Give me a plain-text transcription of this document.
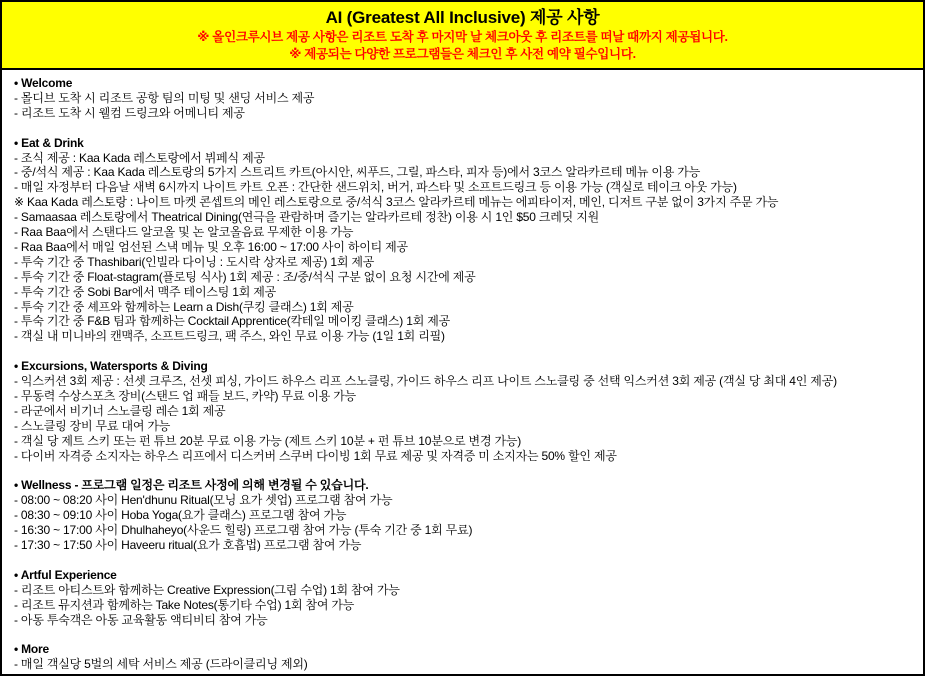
AI (Greatest All Inclusive) 제공 사항
※ 올인크루시브 제공 사항은 리조트 도착 후 마지막 날 체크아웃 후 리조트를 떠날 때까지 제공됩니다.
※ 제공되는 다양한 프로그램들은 체크인 후 사전 예약 필수입니다.
• Welcome
- 몰디브 도착 시 리조트 공항 팀의 미팅 및 샌딩 서비스 제공
- 리조트 도착 시 웰컴 드링크와 어메니티 제공
• Eat & Drink
- 조식 제공 : Kaa Kada 레스토랑에서 뷔페식 제공
- 중/석식 제공 : Kaa Kada 레스토랑의 5가지 스트리트 카트(아시안, 씨푸드, 그릴, 파스타, 피자 등)에서 3코스 알라카르테 메뉴 이용 가능
- 매일 자정부터 다음날 새벽 6시까지 나이트 카트 오픈 : 간단한 샌드위치, 버거, 파스타 및 소프트드링크 등 이용 가능 (객실로 테이크 아웃 가능)
※ Kaa Kada 레스토랑 : 나이트 마켓 콘셉트의 메인 레스토랑으로 중/석식 3코스 알라카르테 메뉴는 에피타이저, 메인, 디저트 구분 없이 3가지 주문 가능
- Samaasaa 레스토랑에서 Theatrical Dining(연극을 관람하며 즐기는 알라카르테 정찬) 이용 시 1인 $50 크레딧 지원
- Raa Baa에서 스탠다드 알코올 및 논 알코올음료 무제한 이용 가능
- Raa Baa에서 매일 엄선된 스낵 메뉴 및 오후 16:00 ~ 17:00 사이 하이티 제공
- 투숙 기간 중 Thashibari(인빌라 다이닝 : 도시락 상자로 제공) 1회 제공
- 투숙 기간 중 Float-stagram(플로팅 식사) 1회 제공 : 조/중/석식 구분 없이 요청 시간에 제공
- 투숙 기간 중 Sobi Bar에서 맥주 테이스팅 1회 제공
- 투숙 기간 중 셰프와 함께하는 Learn a Dish(쿠킹 클래스) 1회 제공
- 투숙 기간 중 F&B 팀과 함께하는 Cocktail Apprentice(칵테일 메이킹 클래스) 1회 제공
- 객실 내 미니바의 캔맥주, 소프트드링크, 팩 주스, 와인 무료 이용 가능 (1일 1회 리필)
• Excursions, Watersports & Diving
- 익스커션 3회 제공 : 선셋 크루즈, 선셋 피싱, 가이드 하우스 리프 스노클링, 가이드 하우스 리프 나이트 스노클링 중 선택 익스커션 3회 제공 (객실 당 최대 4인 제공)
- 무동력 수상스포츠 장비(스탠드 업 패들 보드, 카약) 무료 이용 가능
- 라군에서 비기너 스노클링 레슨 1회 제공
- 스노클링 장비 무료 대여 가능
- 객실 당 제트 스키 또는 펀 튜브 20분 무료 이용 가능 (제트 스키 10분 + 펀 튜브 10분으로 변경 가능)
- 다이버 자격증 소지자는 하우스 리프에서 디스커버 스쿠버 다이빙 1회 무료 제공 및 자격증 미 소지자는 50% 할인 제공
• Wellness - 프로그램 일정은 리조트 사정에 의해 변경될 수 있습니다.
- 08:00 ~ 08:20 사이 Hen'dhunu Ritual(모닝 요가 셋업) 프로그램 참여 가능
- 08:30 ~ 09:10 사이 Hoba Yoga(요가 클래스) 프로그램 참여 가능
- 16:30 ~ 17:00 사이 Dhulhaheyo(사운드 힐링) 프로그램 참여 가능 (투숙 기간 중 1회 무료)
- 17:30 ~ 17:50 사이 Haveeru ritual(요가 호흡법) 프로그램 참여 가능
• Artful Experience
- 리조트 아티스트와 함께하는 Creative Expression(그림 수업) 1회 참여 가능
- 리조트 뮤지션과 함께하는 Take Notes(통기타 수업) 1회 참여 가능
- 아동 투숙객은 아동 교육활동 액티비티 참여 가능
• More
- 매일 객실당 5벌의 세탁 서비스 제공 (드라이클리닝 제외)
